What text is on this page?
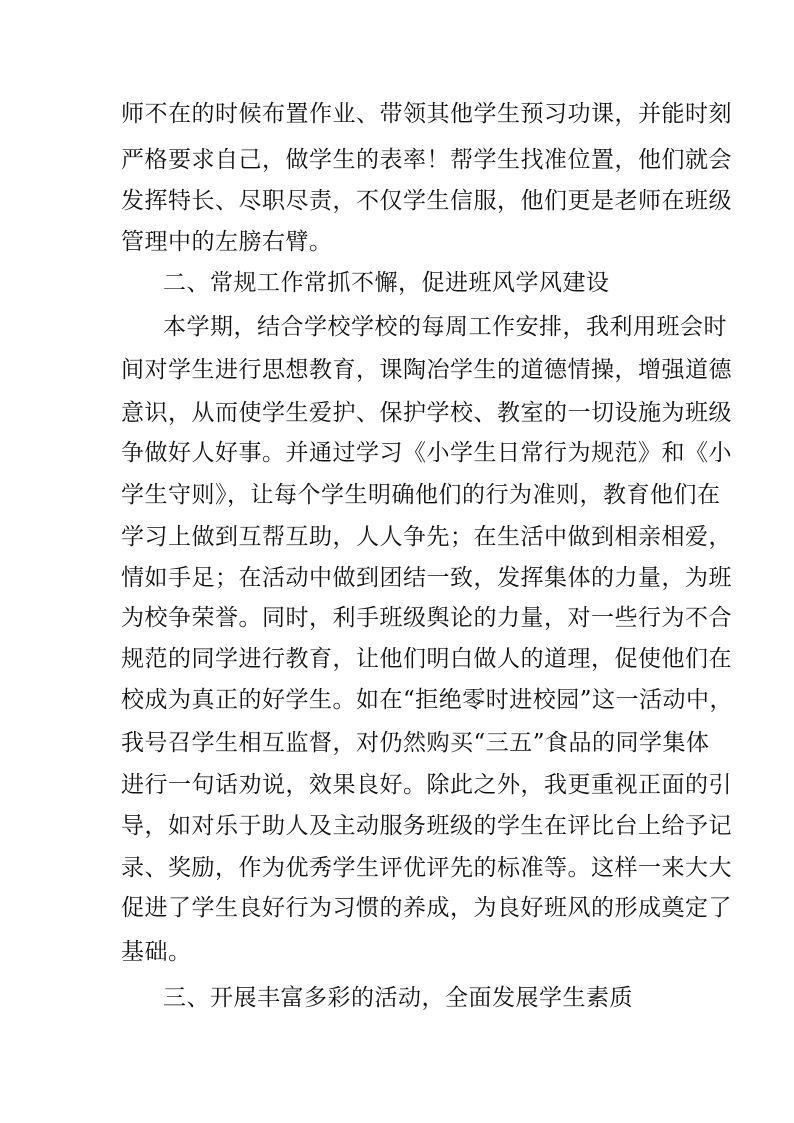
师不在的时候布置作业、带领其他学生预习功课，并能时刻
严格要求自己，做学生的表率！帮学生找准位置，他们就会
发挥特长、尽职尽责，不仅学生信服，他们更是老师在班级
管理中的左膀右臂。
二、常规工作常抓不懈，促进班风学风建设
本学期，结合学校学校的每周工作安排，我利用班会时
间对学生进行思想教育，课陶冶学生的道德情操，增强道德
意识，从而使学生爱护、保护学校、教室的一切设施为班级
争做好人好事。并通过学习《小学生日常行为规范》和《小
学生守则》，让每个学生明确他们的行为准则，教育他们在
学习上做到互帮互助，人人争先；在生活中做到相亲相爱，
情如手足；在活动中做到团结一致，发挥集体的力量，为班
为校争荣誉。同时，利手班级舆论的力量，对一些行为不合
规范的同学进行教育，让他们明白做人的道理，促使他们在
校成为真正的好学生。如在“拒绝零时进校园”这一活动中，
我号召学生相互监督，对仍然购买“三五”食品的同学集体
进行一句话劝说，效果良好。除此之外，我更重视正面的引
导，如对乐于助人及主动服务班级的学生在评比台上给予记
录、奖励，作为优秀学生评优评先的标准等。这样一来大大
促进了学生良好行为习惯的养成，为良好班风的形成奠定了
基础。
三、开展丰富多彩的活动，全面发展学生素质
